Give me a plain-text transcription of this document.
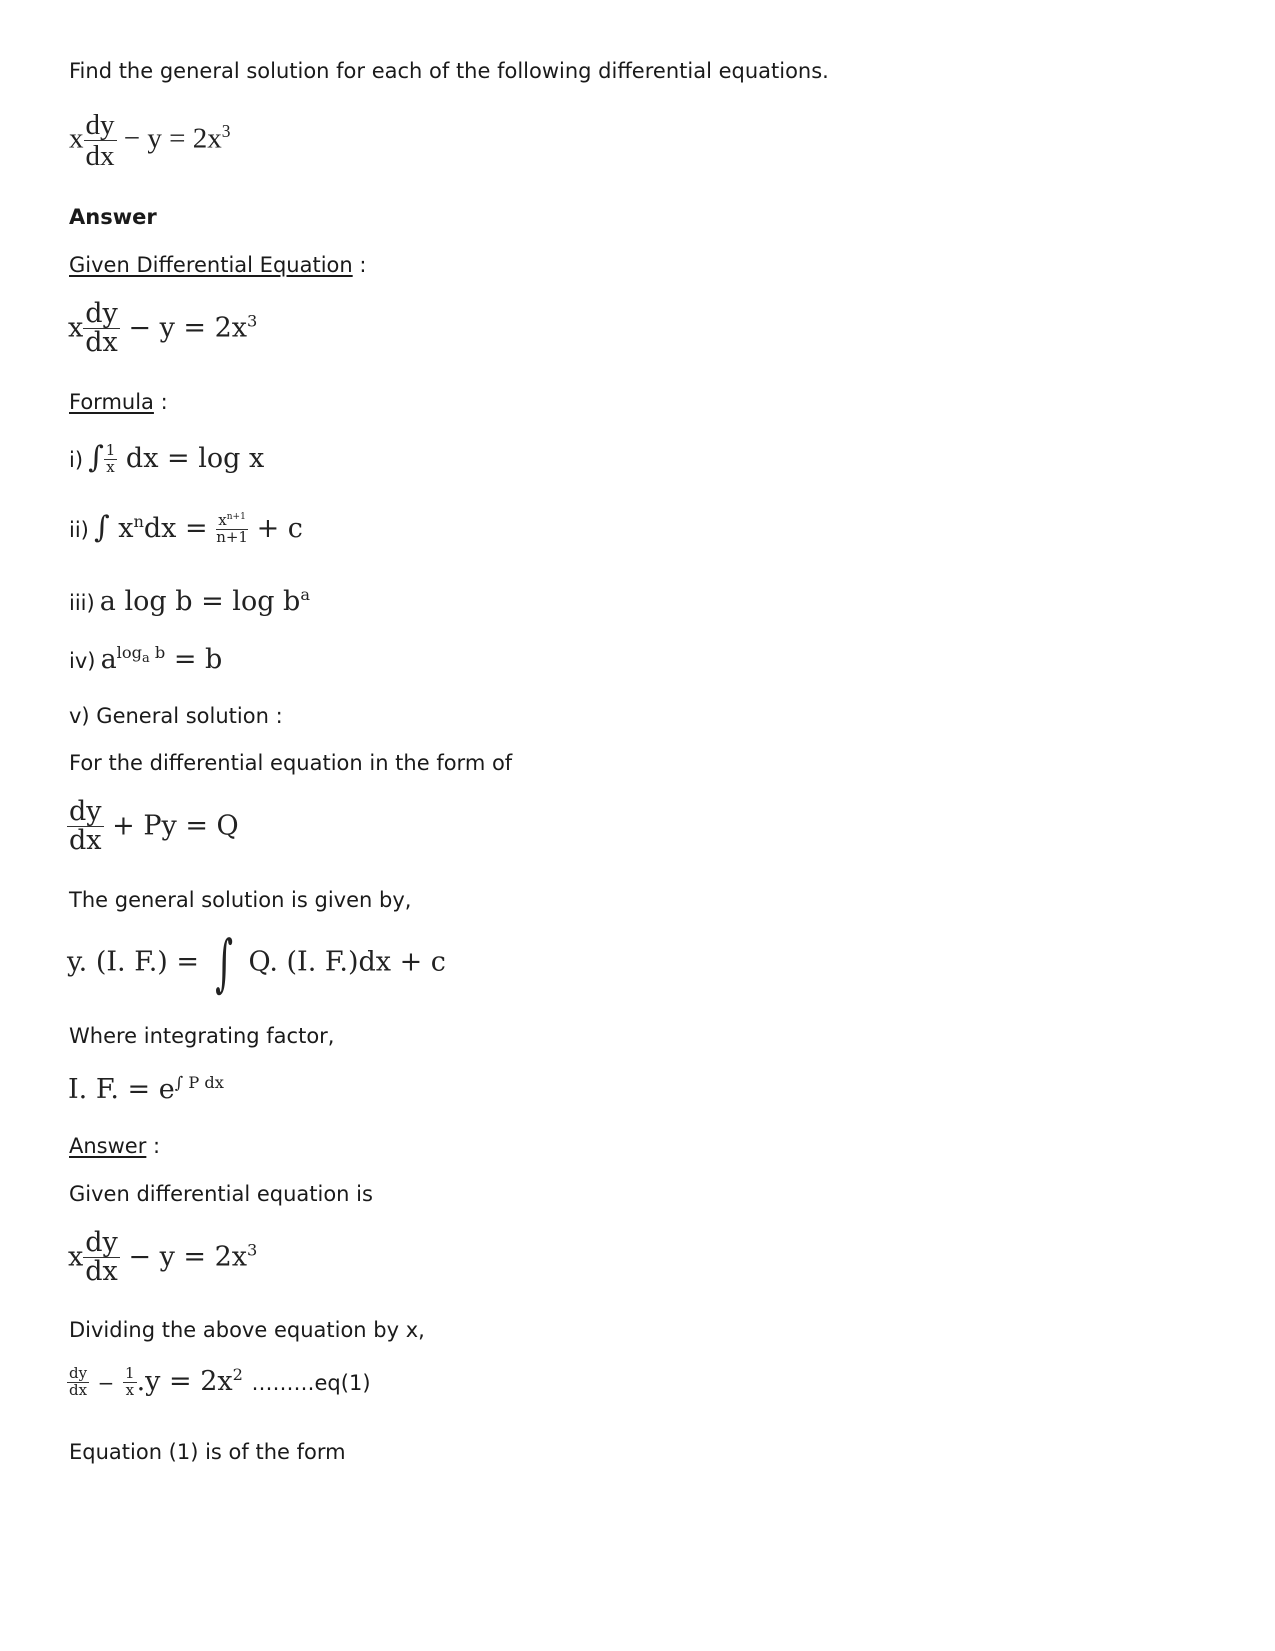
Find the general solution for each of the following differential equations.
x $\frac{dy}{dx} - y = 2x^3$
Answer
Given Differential Equation :
x $\frac{dy}{dx} - y = 2x^3$
Formula :
i) ∫ $\frac{1}{x}$ dx = log x
ii) ∫ $x^ndx = \frac{x^{n+1}}{n+1} + c$
iii) a $\log b = \log b^a$
iv) $a^{log_a b} = b$
v) General solution :
For the differential equation in the form of
$\frac{dy}{dx} + Py = Q$
The general solution is given by,
y. (I. F.) = ∫ Q. (I. F.)dx + c
Where integrating factor,
I. F. = $e^{\int P dx}$
Answer :
Given differential equation is
x $\frac{dy}{dx} - y = 2x^3$
Dividing the above equation by x,
$\frac{dy}{dx} - \frac{1}{x} .y = 2x^2$ ………eq(1)
Equation (1) is of the form
